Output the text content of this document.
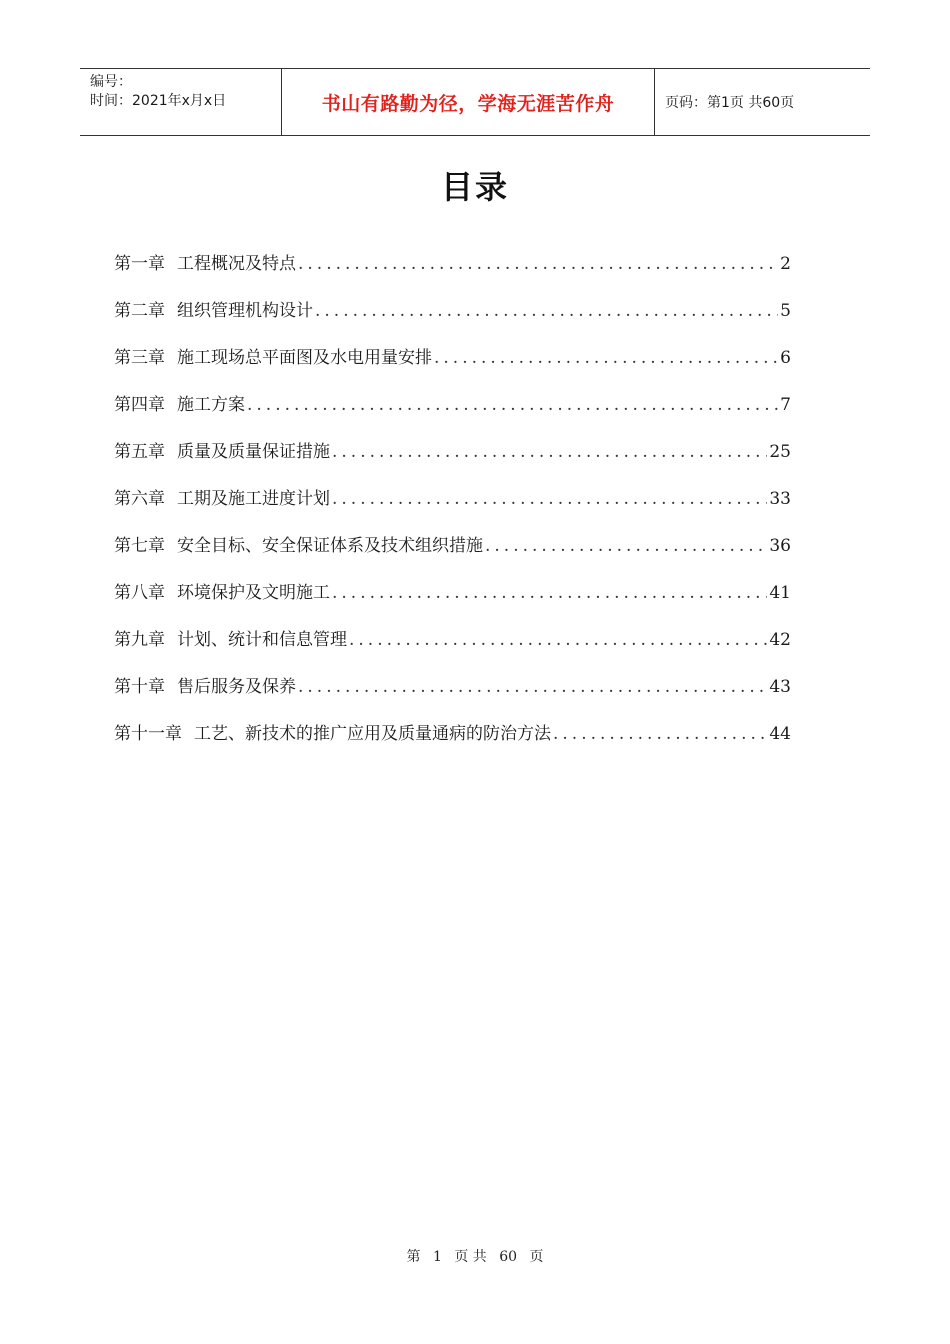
编号：
时间：2021年x月x日	书山有路勤为径，学海无涯苦作舟	页码：第1页 共60页
目录
第一章 工程概况及特点 .....	2
第二章 组织管理机构设计 .....	5
第三章 施工现场总平面图及水电用量安排 .....	6
第四章 施工方案 .....	7
第五章 质量及质量保证措施 .....	25
第六章 工期及施工进度计划 .....	33
第七章 安全目标、安全保证体系及技术组织措施 .....	36
第八章 环境保护及文明施工 .....	41
第九章 计划、统计和信息管理 .....	42
第十章 售后服务及保养 .....	43
第十一章 工艺、新技术的推广应用及质量通病的防治方法 .....	44
第 1 页 共 60 页
